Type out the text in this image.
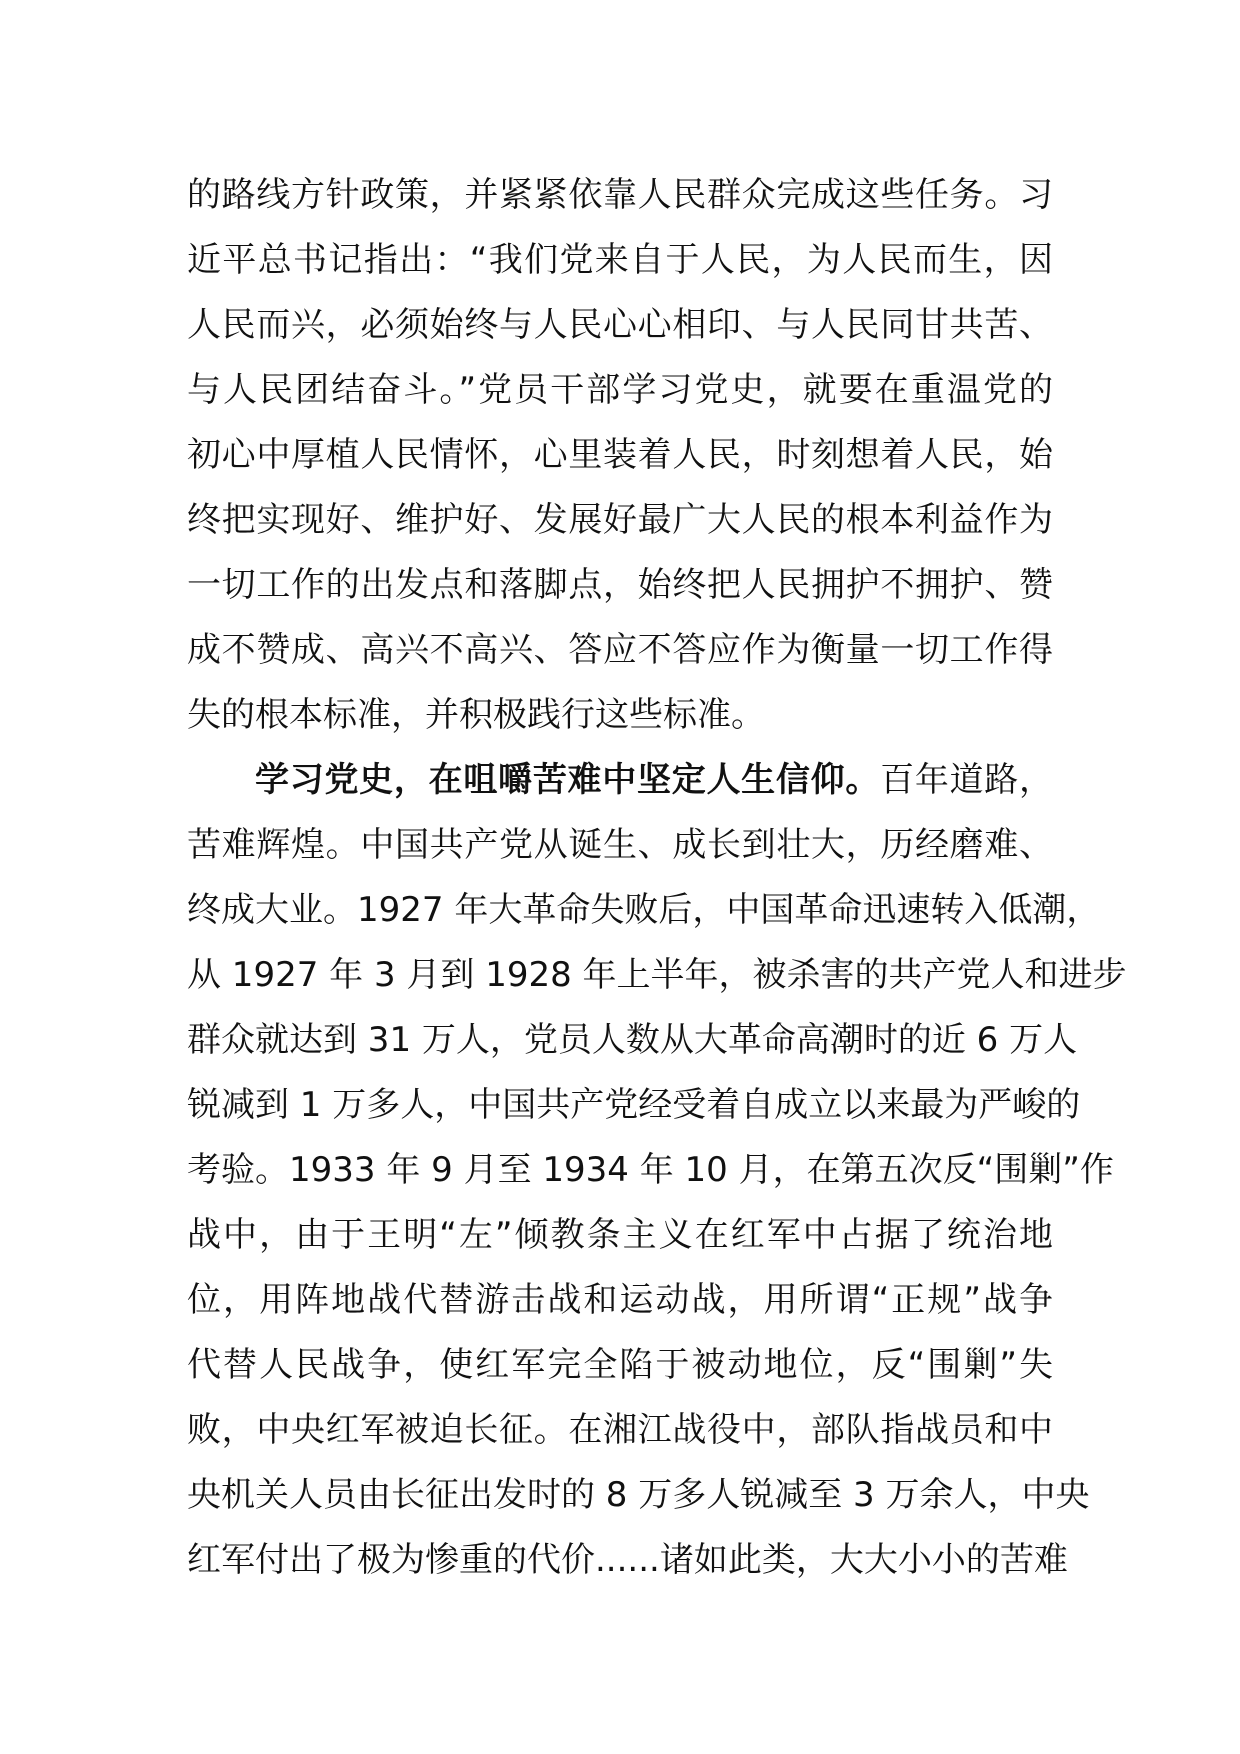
的路线方针政策，并紧紧依靠人民群众完成这些任务。习
近平总书记指出：“我们党来自于人民，为人民而生，因
人民而兴，必须始终与人民心心相印、与人民同甘共苦、
与人民团结奋斗。”党员干部学习党史，就要在重温党的
初心中厚植人民情怀，心里装着人民，时刻想着人民，始
终把实现好、维护好、发展好最广大人民的根本利益作为
一切工作的出发点和落脚点，始终把人民拥护不拥护、赞
成不赞成、高兴不高兴、答应不答应作为衡量一切工作得
失的根本标准，并积极践行这些标准。
学习党史，在咀嚼苦难中坚定人生信仰。百年道路，
苦难辉煌。中国共产党从诞生、成长到壮大，历经磨难、
终成大业。1927 年大革命失败后，中国革命迅速转入低潮，
从 1927 年 3 月到 1928 年上半年，被杀害的共产党人和进步
群众就达到 31 万人，党员人数从大革命高潮时的近 6 万人
锐减到 1 万多人，中国共产党经受着自成立以来最为严峻的
考验。1933 年 9 月至 1934 年 10 月，在第五次反“围剿”作
战中，由于王明“左”倾教条主义在红军中占据了统治地
位，用阵地战代替游击战和运动战，用所谓“正规”战争
代替人民战争，使红军完全陷于被动地位，反“围剿”失
败，中央红军被迫长征。在湘江战役中，部队指战员和中
央机关人员由长征出发时的 8 万多人锐减至 3 万余人，中央
红军付出了极为惨重的代价......诸如此类，大大小小的苦难
